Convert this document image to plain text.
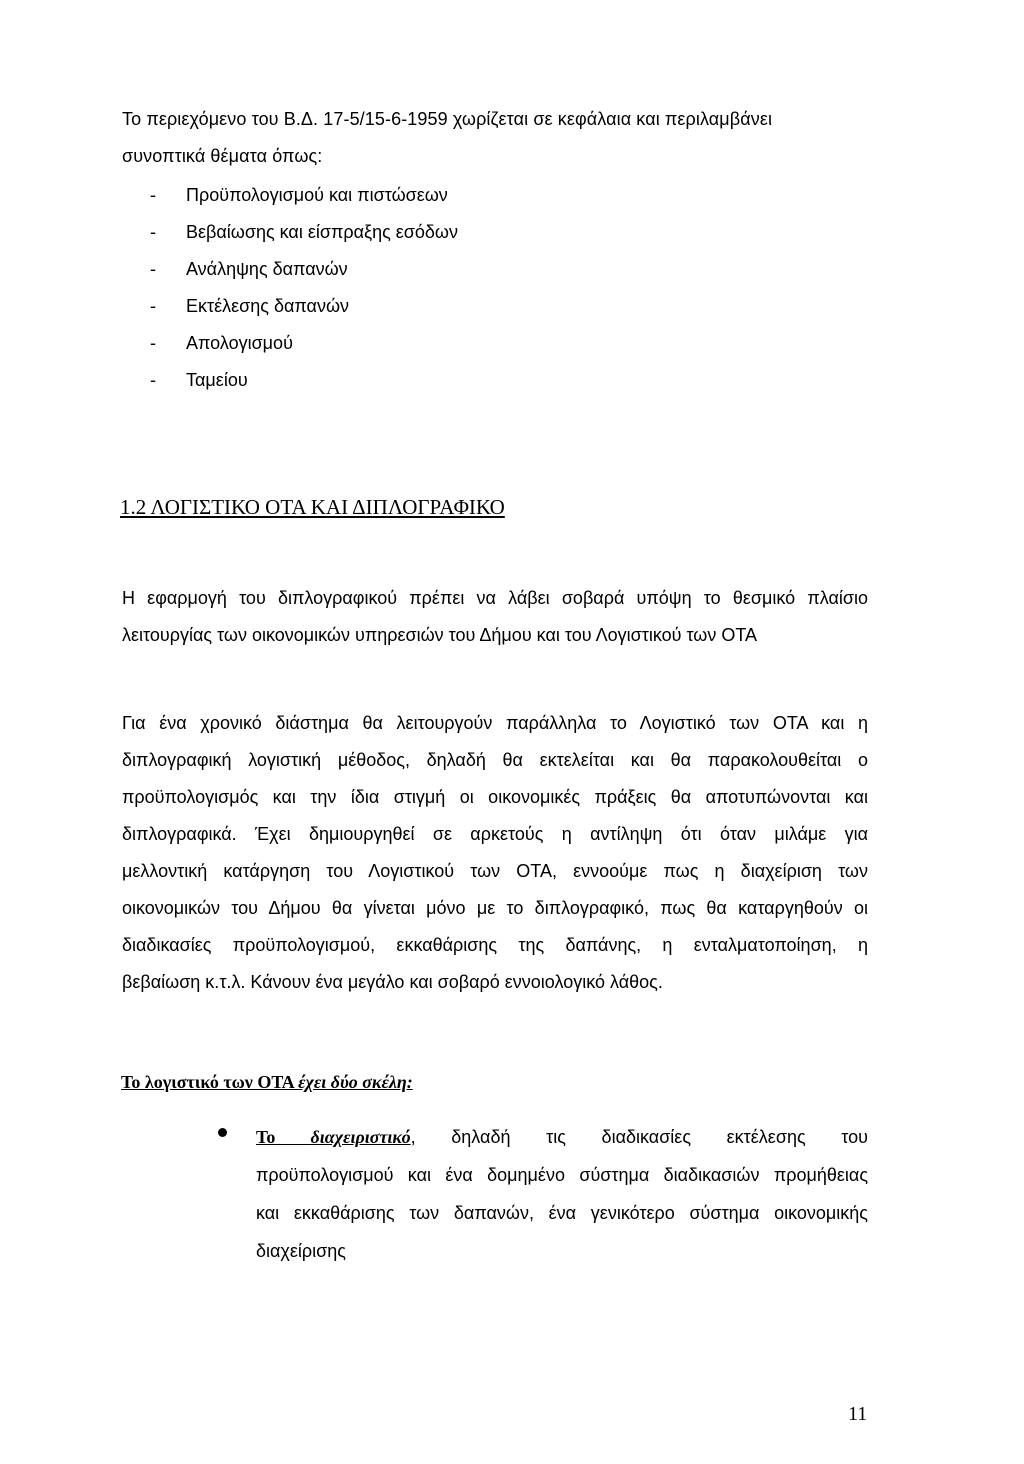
Το περιεχόμενο του Β.Δ. 17-5/15-6-1959 χωρίζεται σε κεφάλαια και περιλαμβάνει
συνοπτικά θέματα όπως:
- Προϋπολογισμού και πιστώσεων
- Βεβαίωσης και είσπραξης εσόδων
- Ανάληψης δαπανών
- Εκτέλεσης δαπανών
- Απολογισμού
- Ταμείου
1.2 ΛΟΓΙΣΤΙΚΟ ΟΤΑ ΚΑΙ ΔΙΠΛΟΓΡΑΦΙΚΟ
Η εφαρμογή του διπλογραφικού πρέπει να λάβει σοβαρά υπόψη το θεσμικό πλαίσιο
λειτουργίας των οικονομικών υπηρεσιών του Δήμου και του Λογιστικού των ΟΤΑ
Για ένα χρονικό διάστημα θα λειτουργούν παράλληλα το Λογιστικό των ΟΤΑ και η
διπλογραφική λογιστική μέθοδος, δηλαδή θα εκτελείται και θα παρακολουθείται ο
προϋπολογισμός και την ίδια στιγμή οι οικονομικές πράξεις θα αποτυπώνονται και
διπλογραφικά. Έχει δημιουργηθεί σε αρκετούς η αντίληψη ότι όταν μιλάμε για
μελλοντική κατάργηση του Λογιστικού των ΟΤΑ, εννοούμε πως η διαχείριση των
οικονομικών του Δήμου θα γίνεται μόνο με το διπλογραφικό, πως θα καταργηθούν οι
διαδικασίες προϋπολογισμού, εκκαθάρισης της δαπάνης, η ενταλματοποίηση, η
βεβαίωση κ.τ.λ. Κάνουν ένα μεγάλο και σοβαρό εννοιολογικό λάθος.
Το λογιστικό των ΟΤΑ έχει δύο σκέλη:
Το διαχειριστικό, δηλαδή τις διαδικασίες εκτέλεσης του
προϋπολογισμού και ένα δομημένο σύστημα διαδικασιών προμήθειας
και εκκαθάρισης των δαπανών, ένα γενικότερο σύστημα οικονομικής
διαχείρισης
11
